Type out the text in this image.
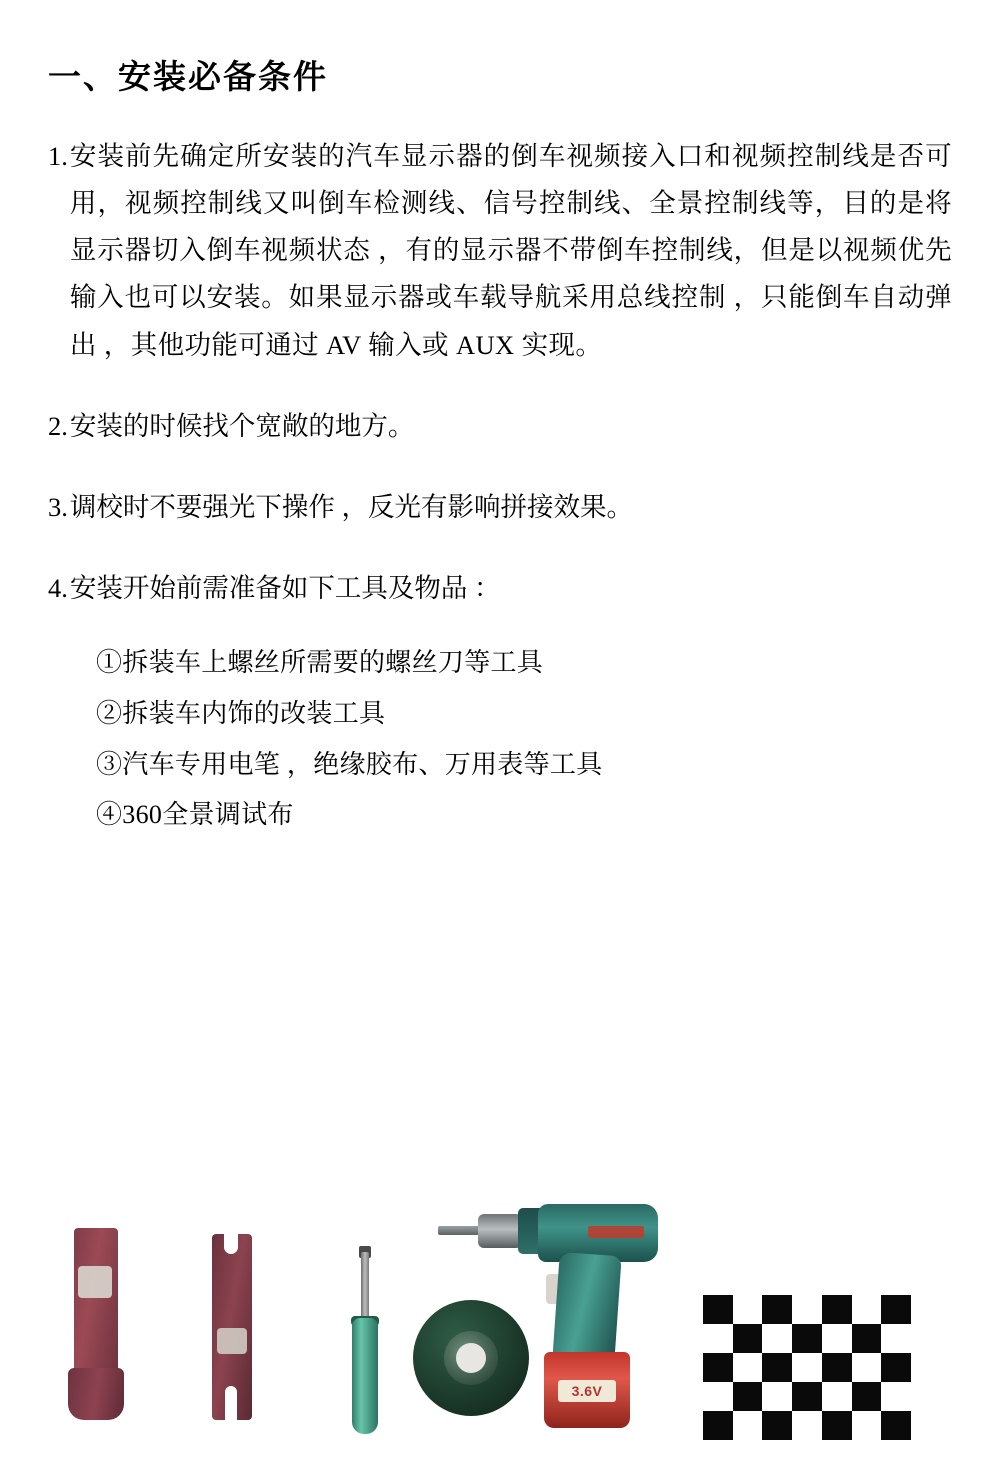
一、安装必备条件
1. 安装前先确定所安装的汽车显示器的倒车视频接入口和视频控制线是否可用，视频控制线又叫倒车检测线、信号控制线、全景控制线等，目的是将显示器切入倒车视频状态 ，有的显示器不带倒车控制线，但是以视频优先输入也可以安装。如果显示器或车载导航采用总线控制 ，只能倒车自动弹出 ，其他功能可通过 AV 输入或 AUX 实现。
2. 安装的时候找个宽敞的地方。
3. 调校时不要强光下操作 ，反光有影响拼接效果。
4. 安装开始前需准备如下工具及物品 ：
①拆装车上螺丝所需要的螺丝刀等工具
②拆装车内饰的改装工具
③汽车专用电笔 ，绝缘胶布、万用表等工具
④360全景调试布
3.6V
